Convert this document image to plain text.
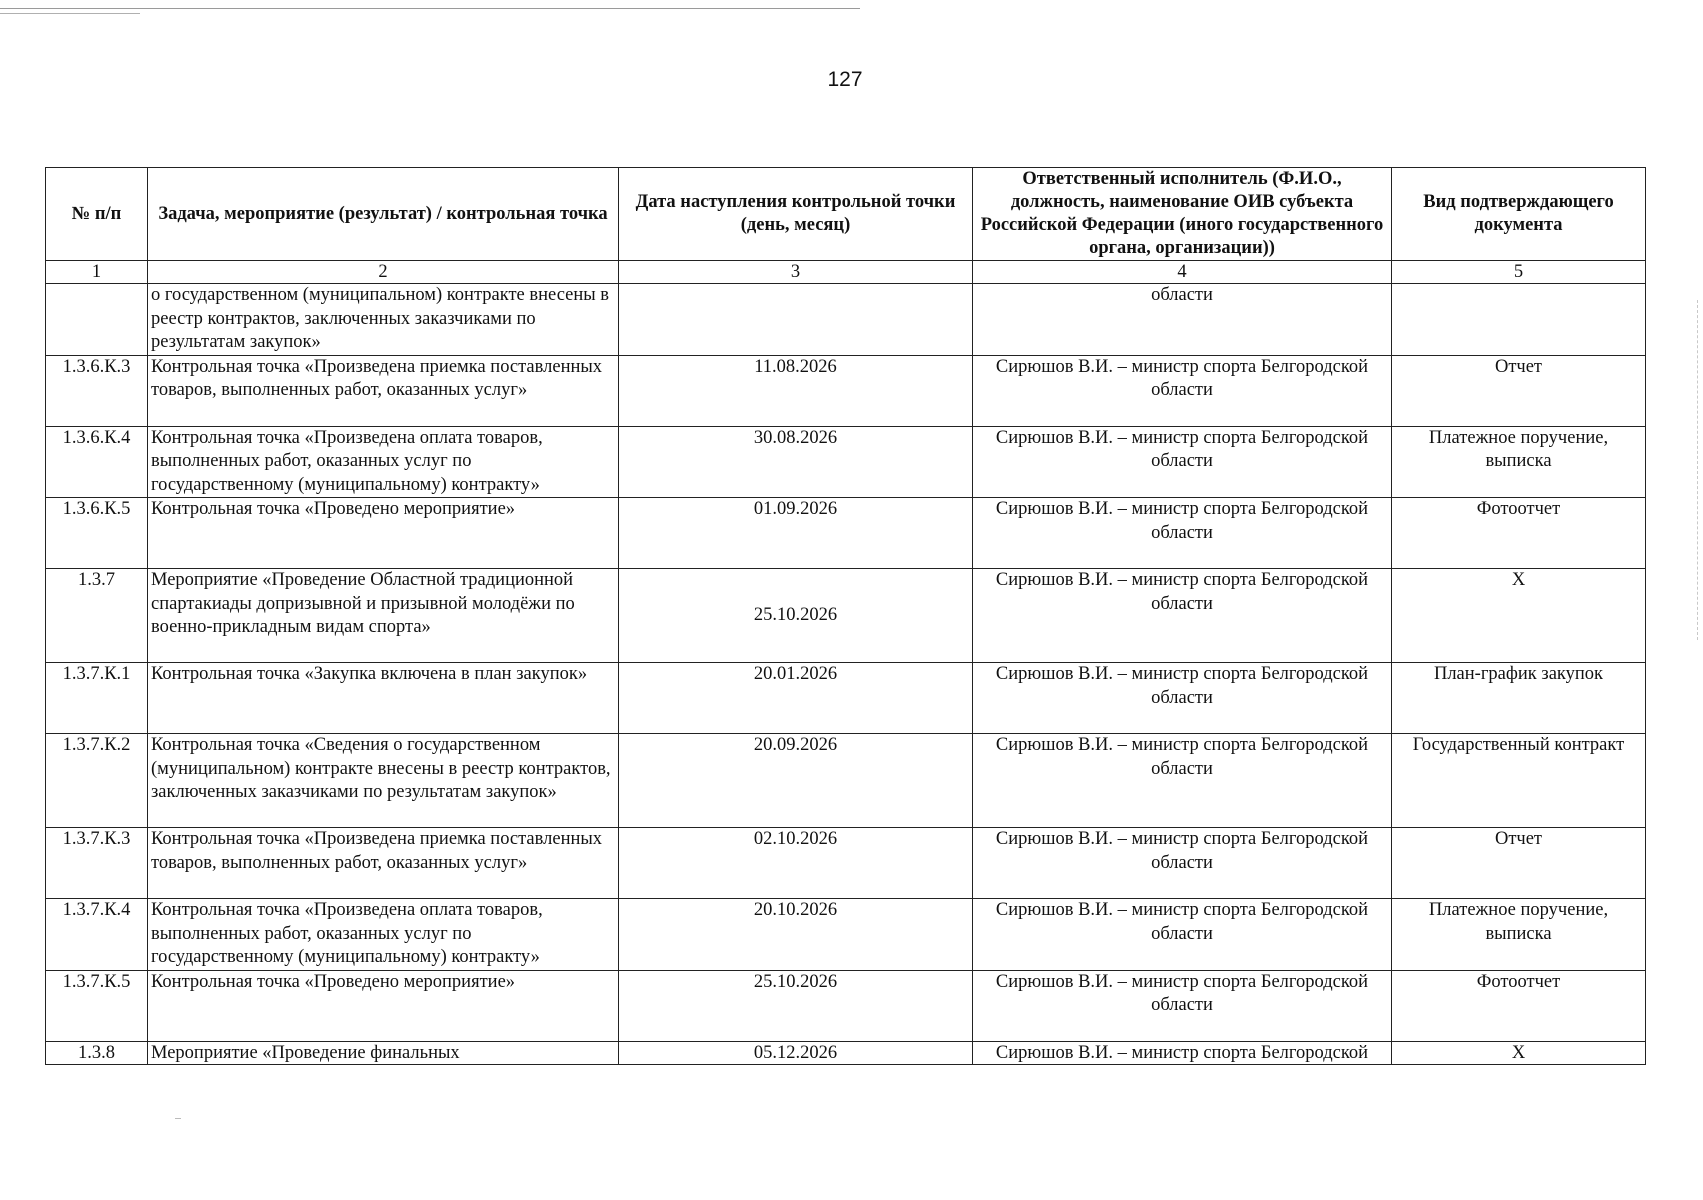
127
№ п/п	Задача, мероприятие (результат) / контрольная точка	Дата наступления контрольной точки (день, месяц)	Ответственный исполнитель (Ф.И.О., должность, наименование ОИВ субъекта Российской Федерации (иного государственного органа, организации))	Вид подтверждающего документа
1	2	3	4	5
	о государственном (муниципальном) контракте внесены в реестр контрактов, заключенных заказчиками по результатам закупок»		области	
1.3.6.К.3	Контрольная точка «Произведена приемка поставленных товаров, выполненных работ, оказанных услуг»	11.08.2026	Сирюшов В.И. – министр спорта Белгородской области	Отчет
1.3.6.К.4	Контрольная точка «Произведена оплата товаров, выполненных работ, оказанных услуг по государственному (муниципальному) контракту»	30.08.2026	Сирюшов В.И. – министр спорта Белгородской области	Платежное поручение, выписка
1.3.6.К.5	Контрольная точка «Проведено мероприятие»	01.09.2026	Сирюшов В.И. – министр спорта Белгородской области	Фотоотчет
1.3.7	Мероприятие «Проведение Областной традиционной спартакиады допризывной и призывной молодёжи по военно-прикладным видам спорта»	25.10.2026	Сирюшов В.И. – министр спорта Белгородской области	Х
1.3.7.К.1	Контрольная точка «Закупка включена в план закупок»	20.01.2026	Сирюшов В.И. – министр спорта Белгородской области	План-график закупок
1.3.7.К.2	Контрольная точка «Сведения о государственном (муниципальном) контракте внесены в реестр контрактов, заключенных заказчиками по результатам закупок»	20.09.2026	Сирюшов В.И. – министр спорта Белгородской области	Государственный контракт
1.3.7.К.3	Контрольная точка «Произведена приемка поставленных товаров, выполненных работ, оказанных услуг»	02.10.2026	Сирюшов В.И. – министр спорта Белгородской области	Отчет
1.3.7.К.4	Контрольная точка «Произведена оплата товаров, выполненных работ, оказанных услуг по государственному (муниципальному) контракту»	20.10.2026	Сирюшов В.И. – министр спорта Белгородской области	Платежное поручение, выписка
1.3.7.К.5	Контрольная точка «Проведено мероприятие»	25.10.2026	Сирюшов В.И. – министр спорта Белгородской области	Фотоотчет
1.3.8	Мероприятие «Проведение финальных	05.12.2026	Сирюшов В.И. – министр спорта Белгородской	Х
